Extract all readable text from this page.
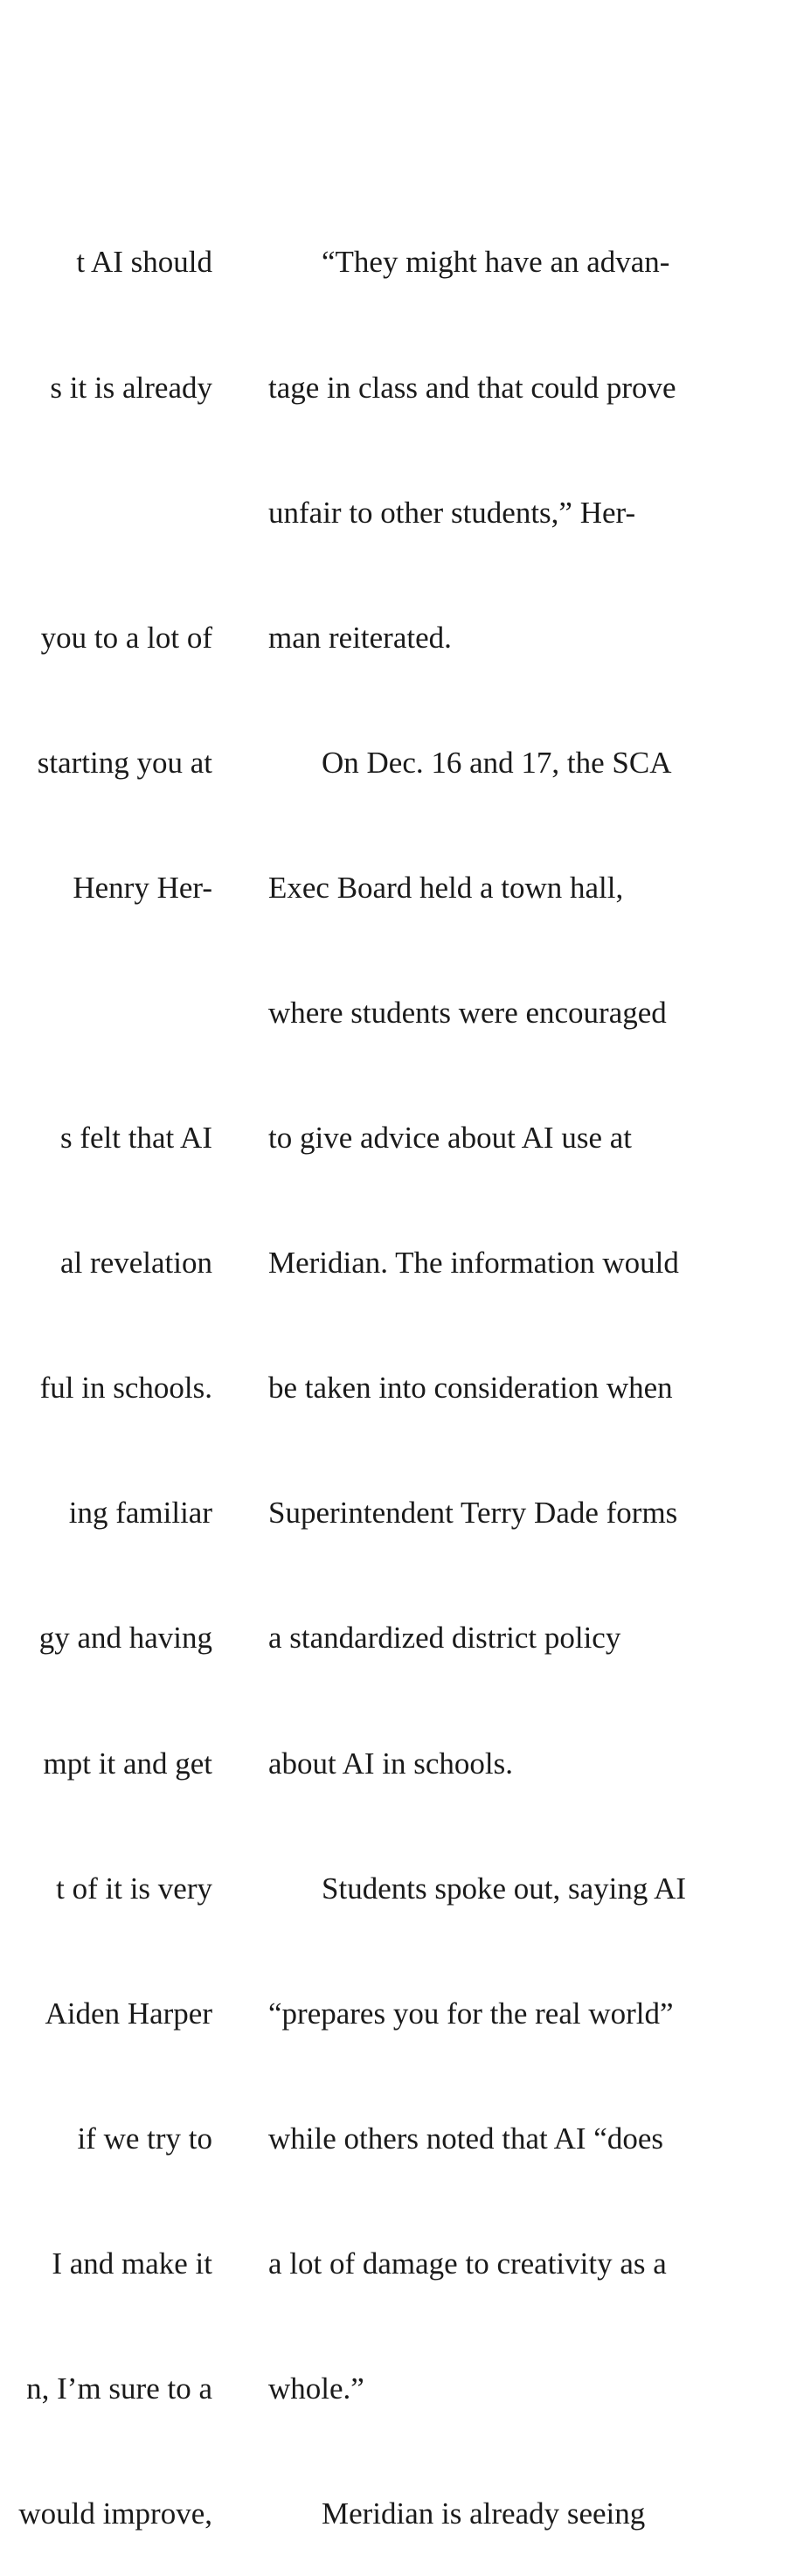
t AI should

s it is already

you to a lot of

starting you at

Henry Her-

s felt that AI

al revelation

ful in schools.

ing familiar

gy and having

mpt it and get

t of it is very

Aiden Harper

if we try to

I and make it

n, I’m sure to a

would improve,

“They might have an advan-

tage in class and that could prove

unfair to other students,” Her-

man reiterated.

On Dec. 16 and 17, the SCA

Exec Board held a town hall,

where students were encouraged

to give advice about AI use at

Meridian. The information would

be taken into consideration when

Superintendent Terry Dade forms

a standardized district policy

about AI in schools.

Students spoke out, saying AI

“prepares you for the real world”

while others noted that AI “does

a lot of damage to creativity as a

whole.”

Meridian is already seeing
